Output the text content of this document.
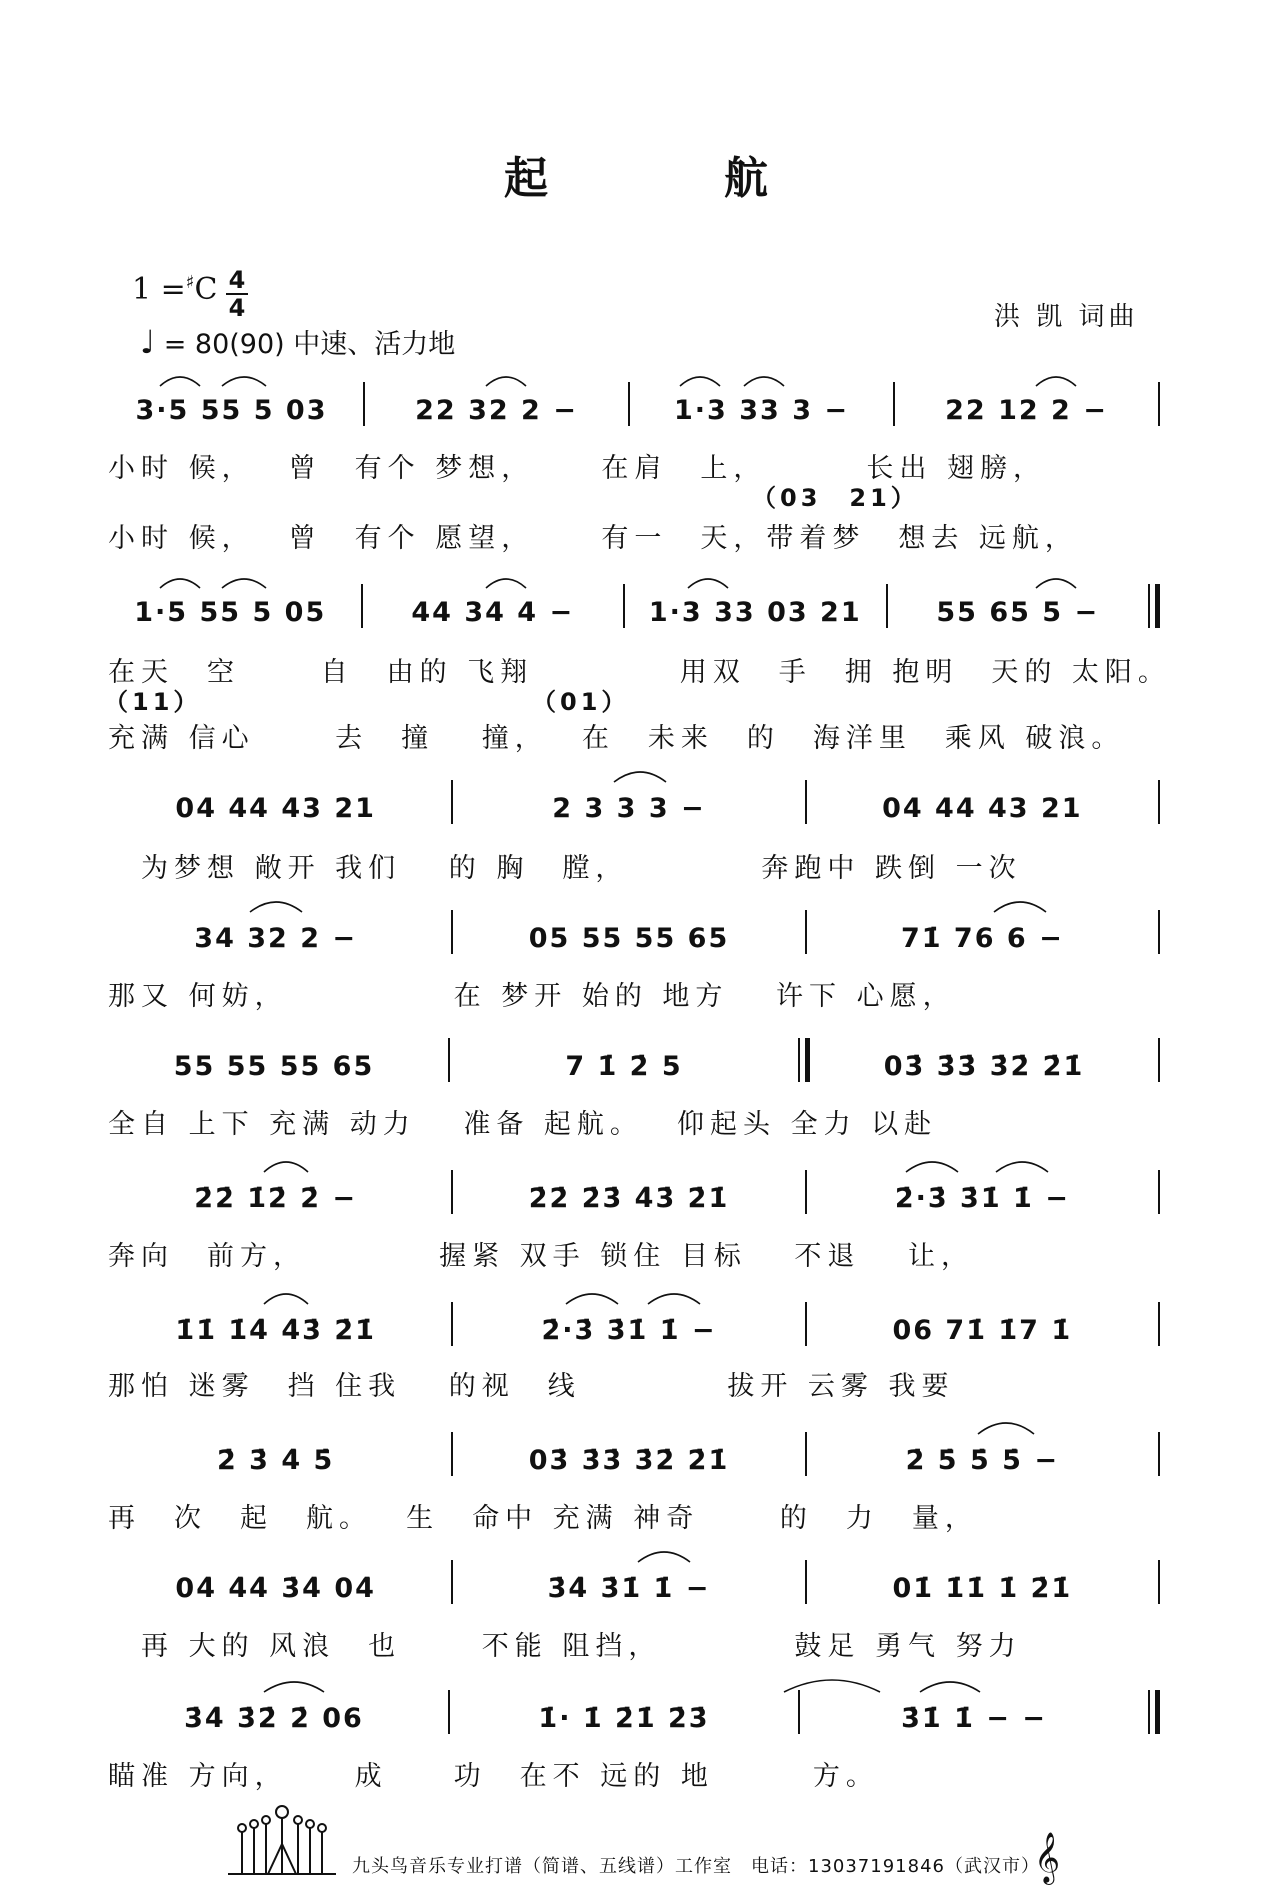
起　航
1 =♯C 4
4
♩ = 80(90) 中速、活力地
洪 凯 词曲
3·5 55 5 03	22 32 2 −	1·3 33 3 −	22 12 2 −
小时 候，　 曾　有个 梦想，　　 在肩　上，　　　 长出 翅膀，
（03　21）
小时 候，　 曾　有个 愿望，　　 有一　天，带着梦　想去 远航，
1·5 55 5 05	44 34 4 −	1·3 33 03 21	55 65 5 −
在天　空　　 自　由的 飞翔　　　　 用双　手　拥 抱明　天的 太阳。
（11）	（01）
充满 信心　　 去　撞　 撞，　 在　未来　的　海洋里　乘风 破浪。
04 44 43 21	2 3 3 3 −	04 44 43 21
　为梦想 敞开 我们　 的 胸　膛，　　　　 奔跑中 跌倒 一次
34 32 2 −	05 55 55 65	71̇ 76 6 −
那又 何妨，　　　　　 在 梦开 始的 地方　 许下 心愿，
55 55 55 65	7 1̇ 2̇ 5	03̇ 3̇3̇ 3̇2̇ 2̇1̇
全自 上下 充满 动力　 准备 起航。　 仰起头 全力 以赴
2̇2̇ 1̇2̇ 2̇ −	2̇2̇ 2̇3̇ 4̇3̇ 2̇1̇	2̇·3̇ 3̇1̇ 1̇ −
奔向　前方，　　　　 握紧 双手 锁住 目标　 不退　 让，
1̇1̇ 1̇4̇ 4̇3̇ 2̇1̇	2̇·3̇ 3̇1̇ 1̇ −	06 71̇ 1̇7 1̇
那怕 迷雾　挡 住我　 的视　线　　　　 拔开 云雾 我要
2̇ 3̇ 4̇ 5̇	03̇ 3̇3̇ 3̇2̇ 2̇1̇	2̇ 5̇ 5̇ 5̇ −
再　次　起　航。　 生　命中 充满 神奇　　 的　力　量，
04̇ 4̇4̇ 3̇4̇ 04̇	3̇4̇ 3̇1̇ 1̇ −	01̇ 1̇1̇ 1̇ 2̇1̇
　再 大的 风浪　也　　 不能 阻挡，　　　　 鼓足 勇气 努力
3̇4̇ 3̇2̇ 2̇ 06	1̇· 1̇ 2̇1̇ 2̇3̇	3̇1̇ 1̇ − −
瞄准 方向，　　 成　　功　在不 远的 地　　　方。
九头鸟音乐专业打谱（简谱、五线谱）工作室　电话：13037191846（武汉市）
𝄞
